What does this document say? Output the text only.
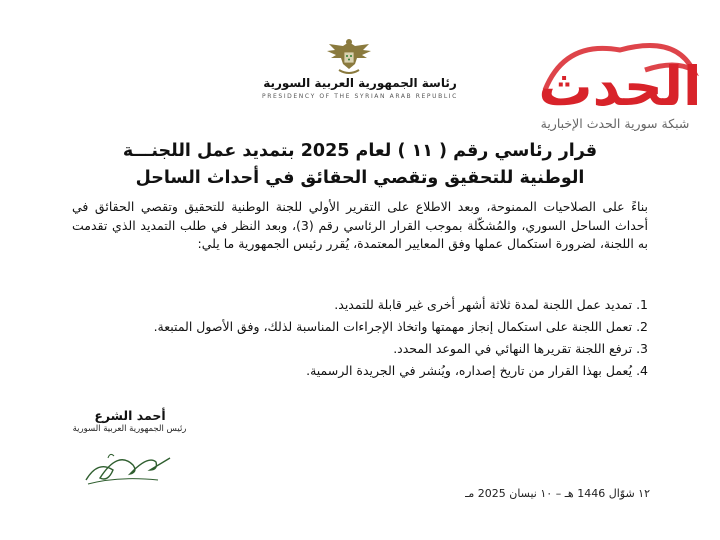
رئاسة الجمهورية العربية السورية
PRESIDENCY OF THE SYRIAN ARAB REPUBLIC الحدث
شبكة سورية الحدث الإخبارية
قرار رئاسي رقم ( ١١ ) لعام 2025 بتمديد عمل اللجنـــة
الوطنية للتحقيق وتقصي الحقائق في أحداث الساحل
بناءً على الصلاحيات الممنوحة، وبعد الاطلاع على التقرير الأولي للجنة الوطنية للتحقيق وتقصي الحقائق في أحداث الساحل السوري، والمُشكّلة بموجب القرار الرئاسي رقم (3)، وبعد النظر في طلب التمديد الذي تقدمت به اللجنة، لضرورة استكمال عملها وفق المعايير المعتمدة، يُقرر رئيس الجمهورية ما يلي:
1.
تمديد عمل اللجنة لمدة ثلاثة أشهر أخرى غير قابلة للتمديد.
2.
تعمل اللجنة على استكمال إنجاز مهمتها واتخاذ الإجراءات المناسبة لذلك، وفق الأصول المتبعة.
3.
ترفع اللجنة تقريرها النهائي في الموعد المحدد.
4.
يُعمل بهذا القرار من تاريخ إصداره، ويُنشر في الجريدة الرسمية.
أحمد الشرع
رئيس الجمهورية العربية السورية
١٢ شوّال 1446 هـ – ١٠ نيسان 2025 مـ
